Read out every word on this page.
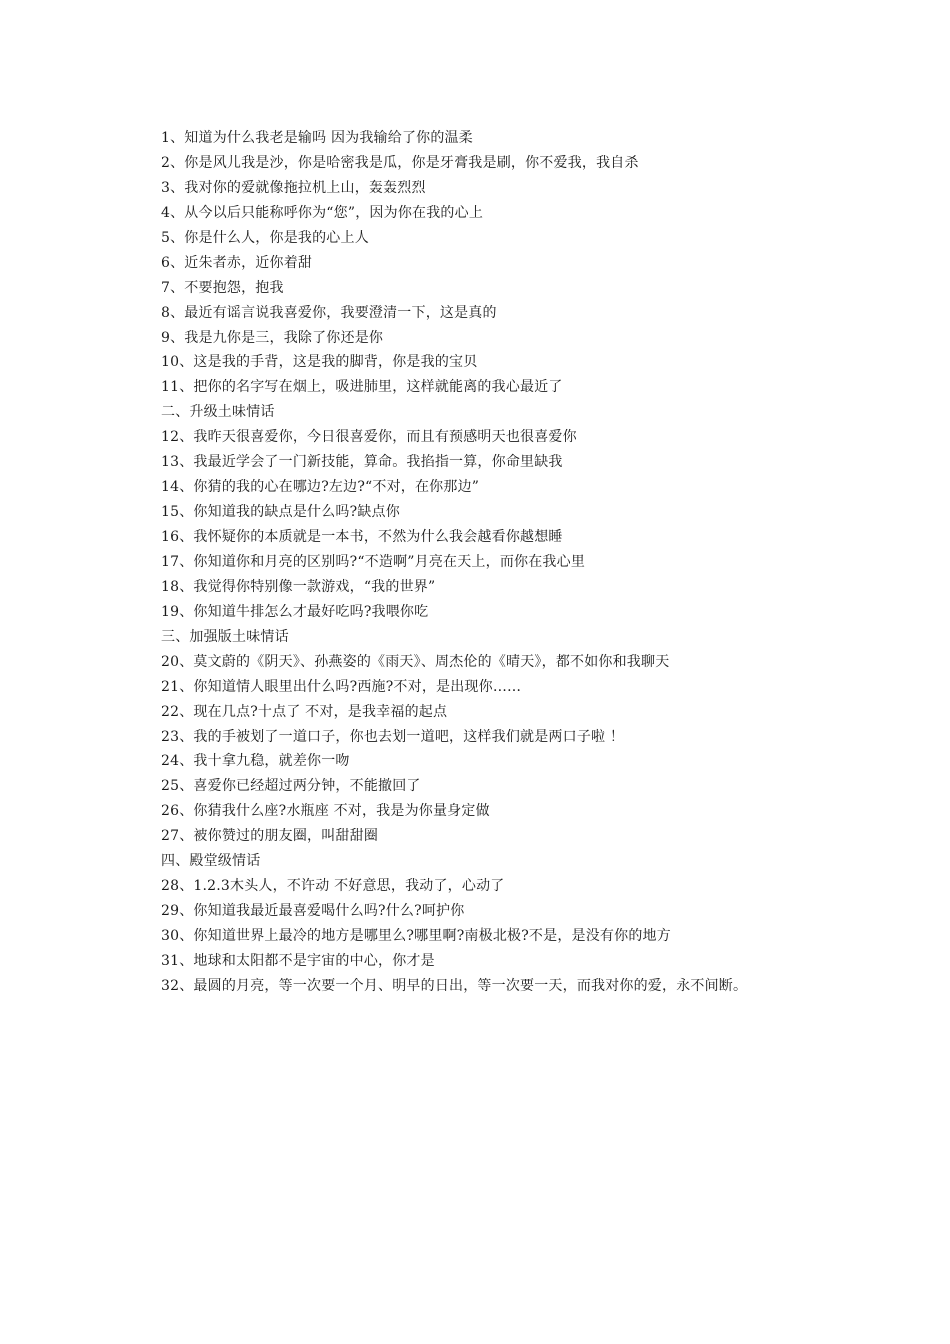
1、知道为什么我老是输吗 因为我输给了你的温柔
2、你是风儿我是沙，你是哈密我是瓜，你是牙膏我是刷，你不爱我，我自杀
3、我对你的爱就像拖拉机上山，轰轰烈烈
4、从今以后只能称呼你为“您”，因为你在我的心上
5、你是什么人，你是我的心上人
6、近朱者赤，近你着甜
7、不要抱怨，抱我
8、最近有谣言说我喜爱你，我要澄清一下，这是真的
9、我是九你是三，我除了你还是你
10、这是我的手背，这是我的脚背，你是我的宝贝
11、把你的名字写在烟上，吸进肺里，这样就能离的我心最近了
二、升级土味情话
12、我昨天很喜爱你，今日很喜爱你，而且有预感明天也很喜爱你
13、我最近学会了一门新技能，算命。我掐指一算，你命里缺我
14、你猜的我的心在哪边?左边?“不对，在你那边”
15、你知道我的缺点是什么吗?缺点你
16、我怀疑你的本质就是一本书，不然为什么我会越看你越想睡
17、你知道你和月亮的区别吗?“不造啊”月亮在天上，而你在我心里
18、我觉得你特别像一款游戏，“我的世界”
19、你知道牛排怎么才最好吃吗?我喂你吃
三、加强版土味情话
20、莫文蔚的《阴天》、孙燕姿的《雨天》、周杰伦的《晴天》，都不如你和我聊天
21、你知道情人眼里出什么吗?西施?不对，是出现你……
22、现在几点?十点了 不对，是我幸福的起点
23、我的手被划了一道口子，你也去划一道吧，这样我们就是两口子啦 ！
24、我十拿九稳，就差你一吻
25、喜爱你已经超过两分钟，不能撤回了
26、你猜我什么座?水瓶座 不对，我是为你量身定做
27、被你赞过的朋友圈，叫甜甜圈
四、殿堂级情话
28、1.2.3木头人，不许动 不好意思，我动了，心动了
29、你知道我最近最喜爱喝什么吗?什么?呵护你
30、你知道世界上最冷的地方是哪里么?哪里啊?南极北极?不是，是没有你的地方
31、地球和太阳都不是宇宙的中心，你才是
32、最圆的月亮，等一次要一个月、明早的日出，等一次要一天，而我对你的爱，永不间断。
